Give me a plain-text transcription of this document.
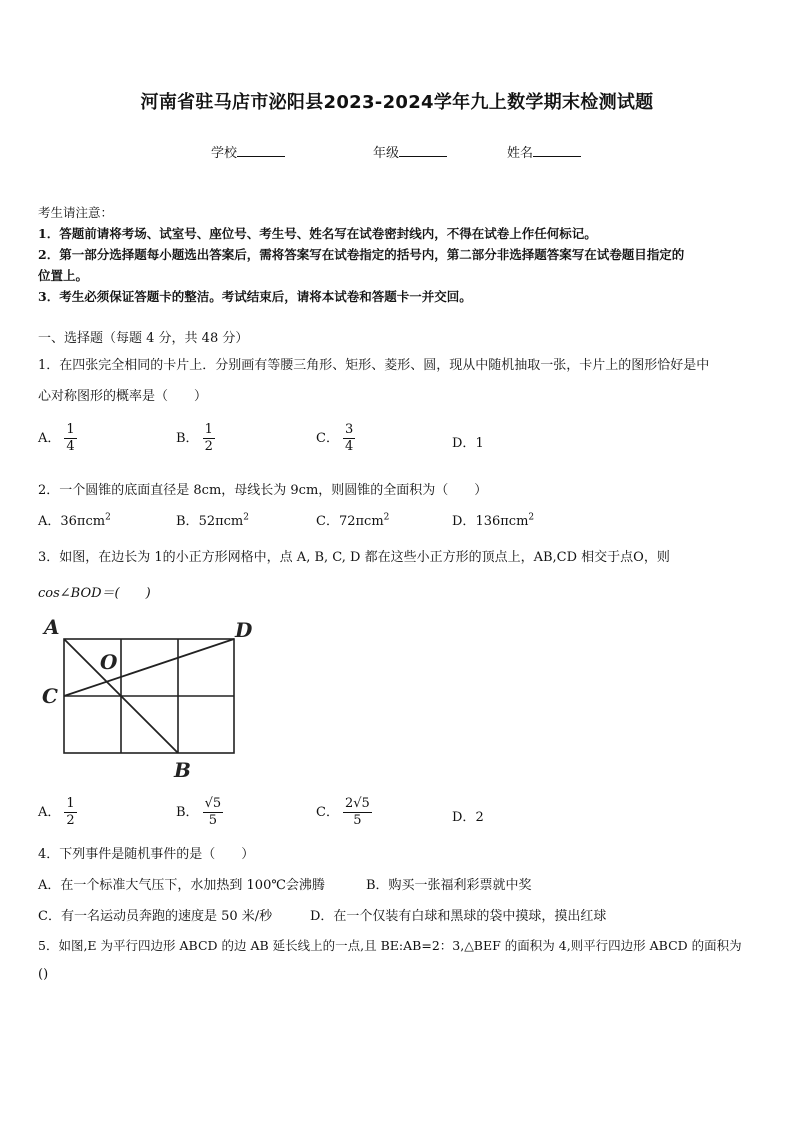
河南省驻马店市泌阳县2023-2024学年九上数学期末检测试题
学校	年级	姓名
考生请注意：
1．答题前请将考场、试室号、座位号、考生号、姓名写在试卷密封线内，不得在试卷上作任何标记。
2．第一部分选择题每小题选出答案后，需将答案写在试卷指定的括号内，第二部分非选择题答案写在试卷题目指定的
位置上。
3．考生必须保证答题卡的整洁。考试结束后，请将本试卷和答题卡一并交回。
一、选择题（每题 4 分，共 48 分）
1．在四张完全相同的卡片上．分别画有等腰三角形、矩形、菱形、圆，现从中随机抽取一张，卡片上的图形恰好是中
心对称图形的概率是（　　）
A． $\frac{1}{4}$	B． $\frac{1}{2}$	C． $\frac{3}{4}$	D．1
2．一个圆锥的底面直径是 8cm，母线长为 9cm，则圆锥的全面积为（　　）
A．36πcm$^2$	B．52πcm$^2$	C．72πcm$^2$	D．136πcm$^2$
3．如图，在边长为 1的小正方形网格中，点 A, B, C, D 都在这些小正方形的顶点上，AB,CD 相交于点O，则
cos∠BOD＝(　　)
A	D
O
C
B
A． $\frac{1}{2}$	B． $\frac{√5}{5}$	C． $\frac{2√5}{5}$	D．2
4．下列事件是随机事件的是（　　）
A．在一个标准大气压下，水加热到 100℃会沸腾	B．购买一张福利彩票就中奖
C．有一名运动员奔跑的速度是 50 米/秒	D．在一个仅装有白球和黑球的袋中摸球，摸出红球
5．如图,E 为平行四边形 ABCD 的边 AB 延长线上的一点,且 BE:AB=2：3,△BEF 的面积为 4,则平行四边形 ABCD 的面积为
()
